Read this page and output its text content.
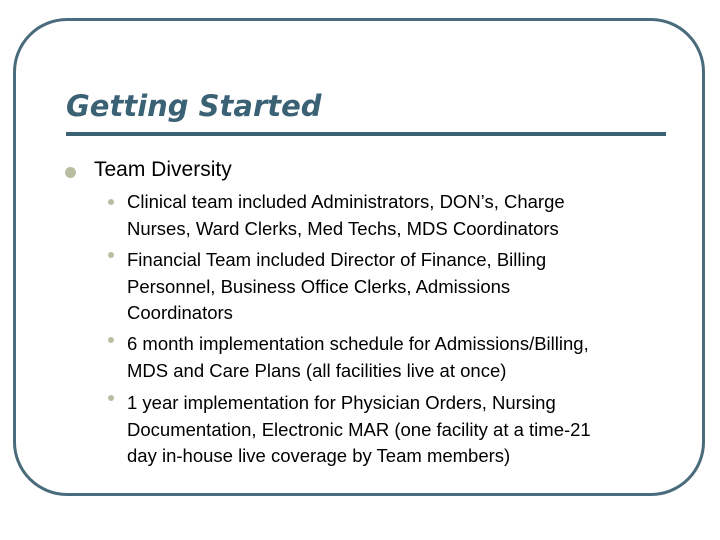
Getting Started
Team Diversity
Clinical team included Administrators, DON’s, Charge
Nurses, Ward Clerks, Med Techs, MDS Coordinators
Financial Team included Director of Finance, Billing
Personnel, Business Office Clerks, Admissions
Coordinators
6 month implementation schedule for Admissions/Billing,
MDS and Care Plans (all facilities live at once)
1 year implementation for Physician Orders, Nursing
Documentation, Electronic MAR (one facility at a time-21
day in-house live coverage by Team members)
